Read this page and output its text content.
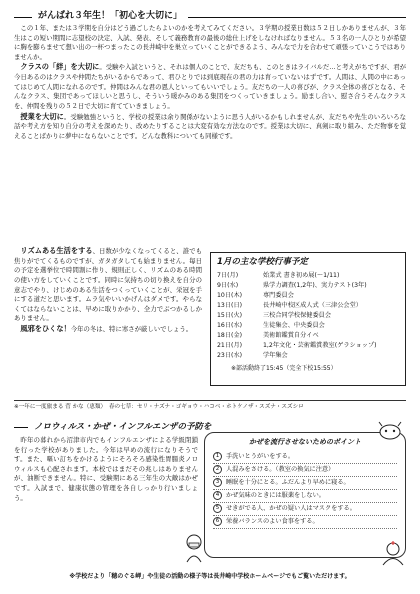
がんばれ３年生！「初心を大切に」

この１年、または３学期を自分はどう過ごしたらよいのかを考えてみてください。３学期の授業日数は５２日しかありませんが、３年生はこの短い期間に志望校の決定、入試、発表、そして義務教育の最後の総仕上げをしなければなりません。５３名の一人ひとりが希望に胸を膨らませて想い出の一杯つまったこの長井崎中を巣立っていくことができるよう、みんなで力を合わせて頑張っていこうではありませんか。

クラスの「絆」を大切に。受験や入試というと、それは個人のことで、友だちも、このときはライバルだ…と考えがちですが、君が今日あるのはクラスや仲間たちがいるからであって、君ひとりでは到底現在の君の力は育っていないはずです。人間は、人間の中にあってはじめて人間になれるのです。仲間はみんな君の恩人といってもいいでしょう。友だちの一人の喜びが、クラス全体の喜びとなる、そんなクラス、集団であってほしいと思うし、そういう暖かみのある集団をつくっていきましょう。励まし合い、慰さ合うそんなクラスを、仲間を残りの５２日で大切に育てていきましょう。

授業を大切に。受験勉強というと、学校の授業は余り関係がないように思う人がいるかもしれませんが、友だちや先生のいろいろな話や考え方を知り自分の考えを深めたり、改めたりすることは大変有効な方法なのです。授業は大切に、真剣に取り組み、ただ物事を覚えることばかりに夢中にならないことです。どんな教科についても同様です。

リズムある生活をする、日数が少なくなってくると、誰でも焦りがでてくるものですが、ガタガタしても始まりません。毎日の予定を選挙位で時間割に作り、規則正しく、リズムのある時間の使い方をしていくことです。同時に気持ちの切り換えを自分の意志でやり、けじめのある生活をつくっていくことが、栄冠を手にする道だと思います。ムラ気やいいかげんはダメです。やらなくてはならないことは、早めに取りかかり、全力でぶつかるしかありません。

風邪をひくな！今年の冬は、特に寒さが厳しいでしょう。

1月の主な学校行事予定
7日(月)	始業式 書き初め展(～1/11)
9日(水)	県学力調査(1,2年)、実力テスト(3年)
10日(木)	専門委員会
13日(日)	長井崎中校区成人式（三津公会堂）
15日(火)	三校合同学校保健委員会
16日(水)	生徒集会、中央委員会
18日(金)	美術館鑑賞自分イベ
21日(月)	1,2年文化・芸術鑑賞教室(ゲラショップ)
23日(水)	学年集会
※部活動終了15:45（完全下校15:55）
※一年に一度旅まる 菅 かな（恵類）　春の七草：セリ・ナズナ・ゴギョウ・ハコベ・ホトケノザ・スズナ・スズシロ
ノロウィルス・かぜ・インフルエンザの予防を

昨年の暮れから沼津市内でもインフルエンザによる学級閉鎖を行った学校がありました。今年は早めの流行になりそうです。また、嘔い訂ちをかけるようにそろそろ感染性胃腸炎ノロウィルスも心配されます。本校ではまだその兆しはありませんが、油断できません。特に、受験期にある三年生の大敵はかぜです。入試まで、健康状態の管理を各自しっかり行いましょう。

かぜを流行させないためのポイント
1	手洗いとうがいをする。
2	人混みをさける。（教室の換気に注意）
3	睡眠を十分にとる。ふだんより早めに寝る。
4	かぜ気味のときには服薬をしない。
5	せきがでる人、かぜの疑い人はマスクをする。
6	栄養バランスのよい食事をする。
※学校だより「穂のぐる岬」や生徒の活動の様子等は長井崎中学校ホームページでもご覧いただけます。
